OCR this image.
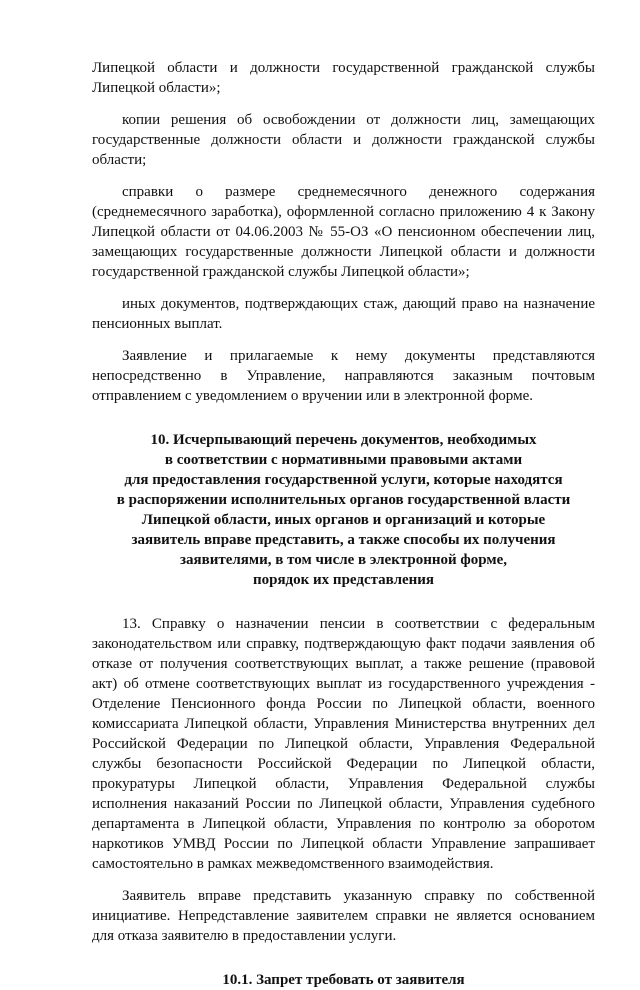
Липецкой области и должности государственной гражданской службы Липецкой области»;

копии решения об освобождении от должности лиц, замещающих государственные должности области и должности гражданской службы области;

справки о размере среднемесячного денежного содержания (среднемесячного заработка), оформленной согласно приложению 4 к Закону Липецкой области от 04.06.2003 № 55-ОЗ «О пенсионном обеспечении лиц, замещающих государственные должности Липецкой области и должности государственной гражданской службы Липецкой области»;

иных документов, подтверждающих стаж, дающий право на назначение пенсионных выплат.

Заявление и прилагаемые к нему документы представляются непосредственно в Управление, направляются заказным почтовым отправлением с уведомлением о вручении или в электронной форме.

10. Исчерпывающий перечень документов, необходимых
в соответствии с нормативными правовыми актами
для предоставления государственной услуги, которые находятся
в распоряжении исполнительных органов государственной власти
Липецкой области, иных органов и организаций и которые
заявитель вправе представить, а также способы их получения
заявителями, в том числе в электронной форме,
порядок их представления

13. Справку о назначении пенсии в соответствии с федеральным законодательством или справку, подтверждающую факт подачи заявления об отказе от получения соответствующих выплат, а также решение (правовой акт) об отмене соответствующих выплат из государственного учреждения - Отделение Пенсионного фонда России по Липецкой области, военного комиссариата Липецкой области, Управления Министерства внутренних дел Российской Федерации по Липецкой области, Управления Федеральной службы безопасности Российской Федерации по Липецкой области, прокуратуры Липецкой области, Управления Федеральной службы исполнения наказаний России по Липецкой области, Управления судебного департамента в Липецкой области, Управления по контролю за оборотом наркотиков УМВД России по Липецкой области Управление запрашивает самостоятельно в рамках межведомственного взаимодействия.

Заявитель вправе представить указанную справку по собственной инициативе. Непредставление заявителем справки не является основанием для отказа заявителю в предоставлении услуги.

10.1. Запрет требовать от заявителя
